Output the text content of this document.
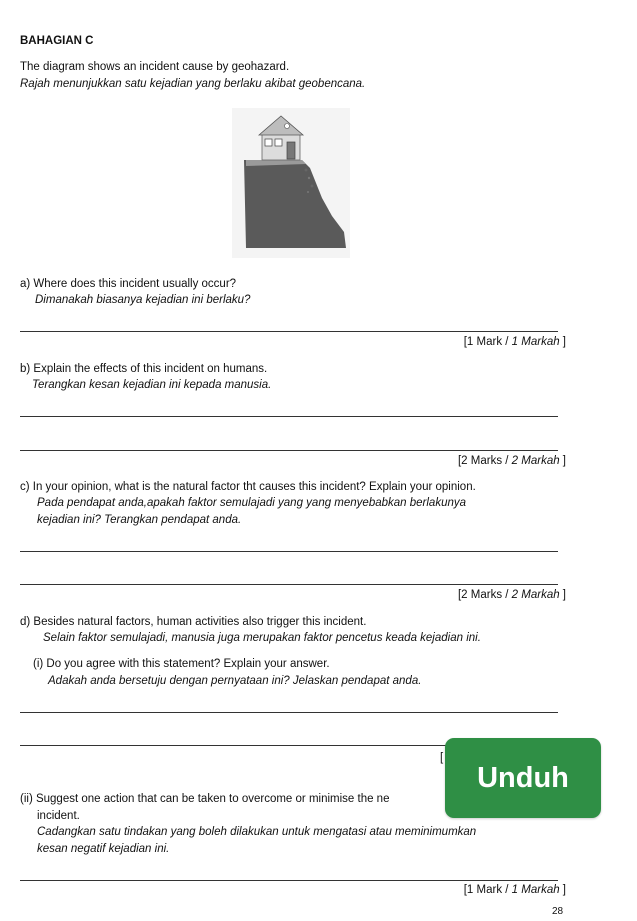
BAHAGIAN C
The diagram shows an incident cause by geohazard.
Rajah menunjukkan satu kejadian yang berlaku akibat geobencana.
a) Where does this incident usually occur?
Dimanakah biasanya kejadian ini berlaku?
[1 Mark / 1 Markah ]
b) Explain the effects of this incident on humans.
Terangkan kesan kejadian ini kepada manusia.
[2 Marks / 2 Markah ]
c) In your opinion, what is the natural factor tht causes this incident? Explain your opinion.
Pada pendapat anda,apakah faktor semulajadi yang yang menyebabkan berlakunya
kejadian ini? Terangkan pendapat anda.
[2 Marks / 2 Markah ]
d) Besides natural factors, human activities also trigger this incident.
Selain faktor semulajadi, manusia juga merupakan faktor pencetus keada kejadian ini.
(i) Do you agree with this statement? Explain your answer.
Adakah anda bersetuju dengan pernyataan ini? Jelaskan pendapat anda.
[
(ii) Suggest one action that can be taken to overcome or minimise the ne
incident.
Cadangkan satu tindakan yang boleh dilakukan untuk mengatasi atau meminimumkan
kesan negatif kejadian ini.
[1 Mark / 1 Markah ]
Unduh
28
